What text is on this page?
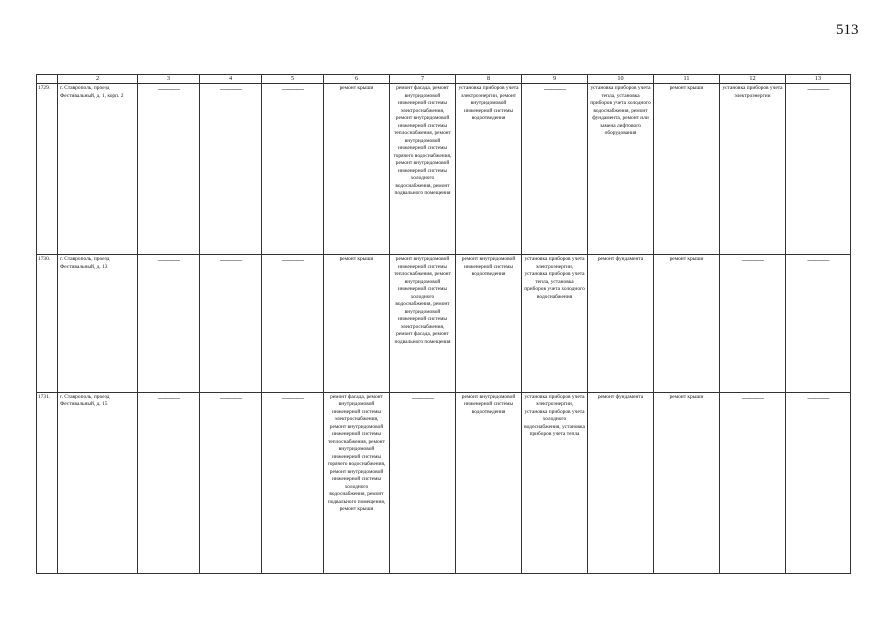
513
	2	3	4	5	6	7	8	9	10	11	12	13
1729.	г. Ставрополь, проезд Фестивальный, д. 1, корп. 2	———	———	———	ремонт крыши	ремонт фасада, ремонт внутридомовой инженерной системы электроснабжения, ремонт внутридомовой инженерной системы теплоснабжения, ремонт внутридомовой инженерной системы горячего водоснабжения, ремонт внутридомовой инженерной системы холодного водоснабжения, ремонт подвального помещения	установка приборов учета электроэнергии, ремонт внутридомовой инженерной системы водоотведения	———	установка приборов учета тепла, установка приборов учета холодного водоснабжения, ремонт фундамента, ремонт или замена лифтового оборудования	ремонт крыши	установка приборов учета электроэнергии	———

1730.	г. Ставрополь, проезд Фестивальный, д. 13	———	———	———	ремонт крыши	ремонт внутридомовой инженерной системы теплоснабжения, ремонт внутридомовой инженерной системы холодного водоснабжения, ремонт внутридомовой инженерной системы электроснабжения, ремонт фасада, ремонт подвального помещения	ремонт внутридомовой инженерной системы водоотведения	установка приборов учета электроэнергии, установка приборов учета тепла, установка приборов учета холодного водоснабжения	ремонт фундамента	ремонт крыши	———	———

1731.	г. Ставрополь, проезд Фестивальный, д. 15	———	———	———	ремонт фасада, ремонт внутридомовой инженерной системы электроснабжения, ремонт внутридомовой инженерной системы теплоснабжения, ремонт внутридомовой инженерной системы горячего водоснабжения, ремонт внутридомовой инженерной системы холодного водоснабжения, ремонт подвального помещения, ремонт крыши	———	ремонт внутридомовой инженерной системы водоотведения	установка приборов учета электроэнергии, установка приборов учета холодного водоснабжения, установка приборов учета тепла	ремонт фундамента	ремонт крыши	———	———
